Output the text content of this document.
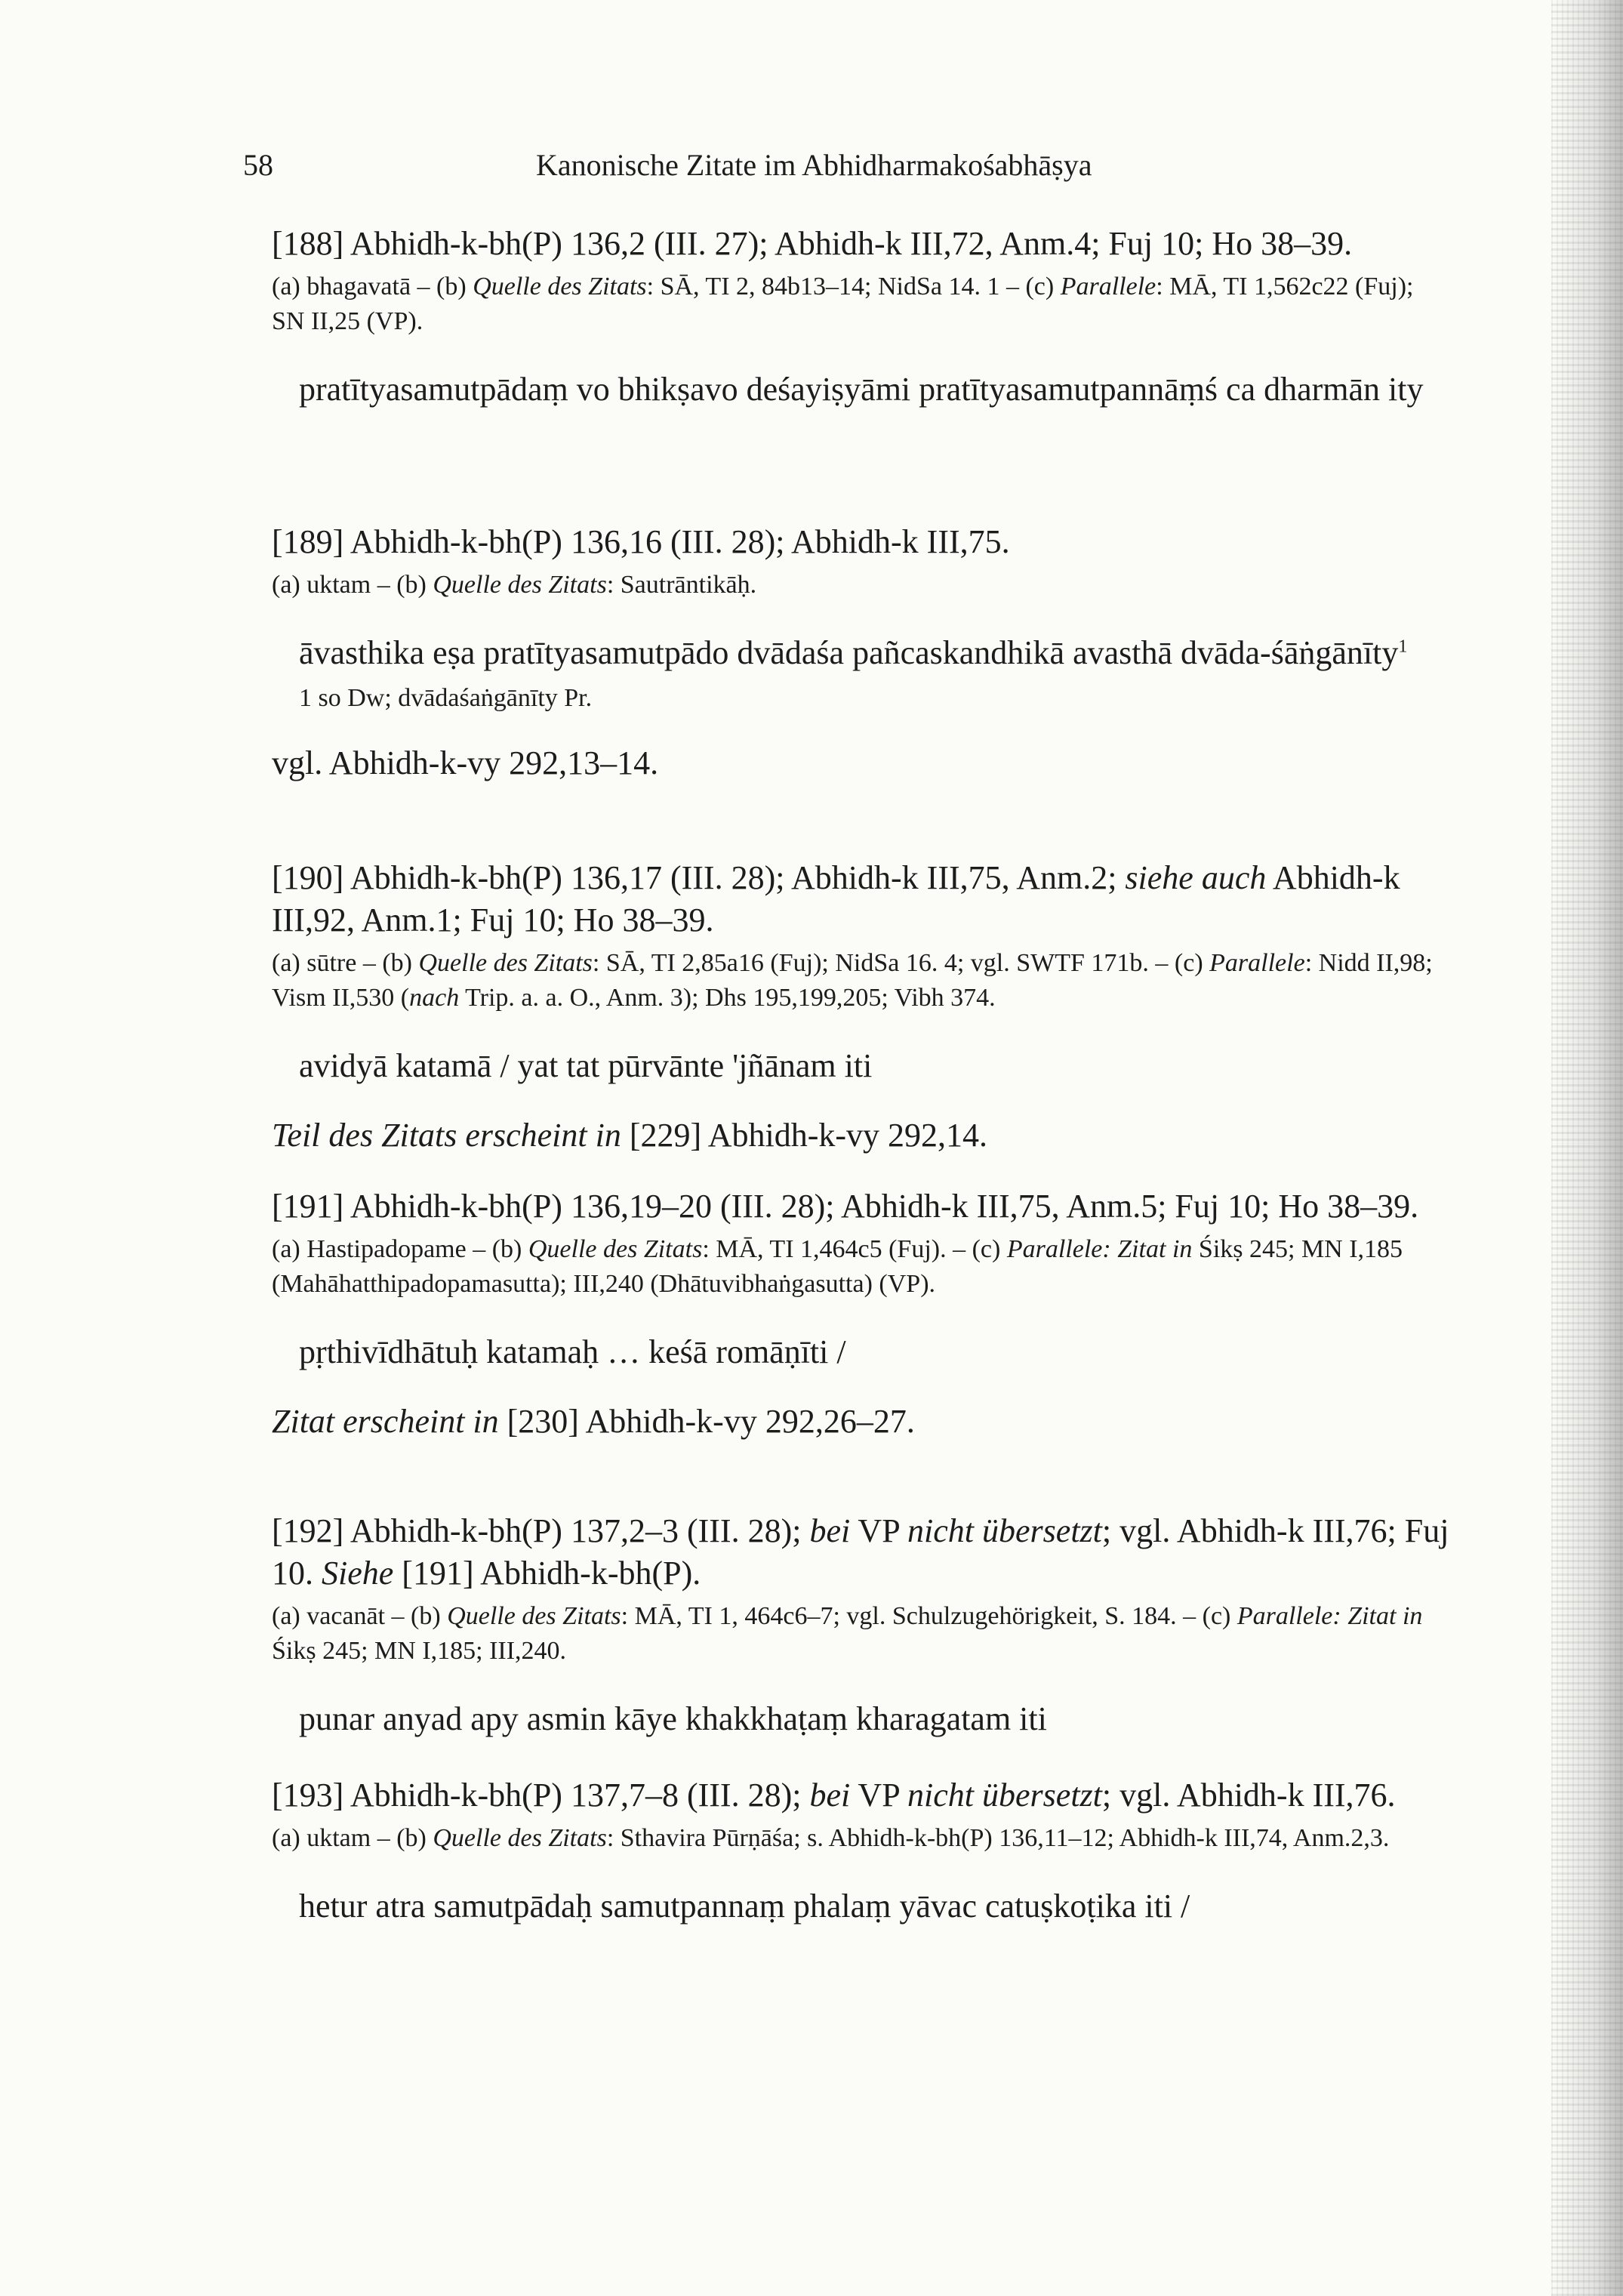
58	Kanonische Zitate im Abhidharmakośabhāṣya

[188] Abhidh-k-bh(P) 136,2 (III. 27); Abhidh-k III,72, Anm.4; Fuj 10; Ho 38–39.

(a) bhagavatā – (b) Quelle des Zitats: SĀ, TI 2, 84b13–14; NidSa 14. 1 – (c) Parallele: MĀ, TI 1,562c22 (Fuj); SN II,25 (VP).

pratītyasamutpādaṃ vo bhikṣavo deśayiṣyāmi pratītyasamutpannāṃś ca dharmān ity

[189] Abhidh-k-bh(P) 136,16 (III. 28); Abhidh-k III,75.

(a) uktam – (b) Quelle des Zitats: Sautrāntikāḥ.

āvasthika eṣa pratītyasamutpādo dvādaśa pañcaskandhikā avasthā dvāda-śāṅgānīty$^1$

1 so Dw; dvādaśaṅgānīty Pr.

vgl. Abhidh-k-vy 292,13–14.

[190] Abhidh-k-bh(P) 136,17 (III. 28); Abhidh-k III,75, Anm.2; siehe auch Abhidh-k III,92, Anm.1; Fuj 10; Ho 38–39.

(a) sūtre – (b) Quelle des Zitats: SĀ, TI 2,85a16 (Fuj); NidSa 16. 4; vgl. SWTF 171b. – (c) Parallele: Nidd II,98; Vism II,530 (nach Trip. a. a. O., Anm. 3); Dhs 195,199,205; Vibh 374.

avidyā katamā / yat tat pūrvānte 'jñānam iti

Teil des Zitats erscheint in [229] Abhidh-k-vy 292,14.

[191] Abhidh-k-bh(P) 136,19–20 (III. 28); Abhidh-k III,75, Anm.5; Fuj 10; Ho 38–39.

(a) Hastipadopame – (b) Quelle des Zitats: MĀ, TI 1,464c5 (Fuj). – (c) Parallele: Zitat in Śikṣ 245; MN I,185 (Mahāhatthipadopamasutta); III,240 (Dhātuvibhaṅgasutta) (VP).

pṛthivīdhātuḥ katamaḥ … keśā romāṇīti /

Zitat erscheint in [230] Abhidh-k-vy 292,26–27.

[192] Abhidh-k-bh(P) 137,2–3 (III. 28); bei VP nicht übersetzt; vgl. Abhidh-k III,76; Fuj 10. Siehe [191] Abhidh-k-bh(P).

(a) vacanāt – (b) Quelle des Zitats: MĀ, TI 1, 464c6–7; vgl. Schulzugehörigkeit, S. 184. – (c) Parallele: Zitat in Śikṣ 245; MN I,185; III,240.

punar anyad apy asmin kāye khakkhaṭaṃ kharagatam iti

[193] Abhidh-k-bh(P) 137,7–8 (III. 28); bei VP nicht übersetzt; vgl. Abhidh-k III,76.

(a) uktam – (b) Quelle des Zitats: Sthavira Pūrṇāśa; s. Abhidh-k-bh(P) 136,11–12; Abhidh-k III,74, Anm.2,3.

hetur atra samutpādaḥ samutpannaṃ phalaṃ yāvac catuṣkoṭika iti /
